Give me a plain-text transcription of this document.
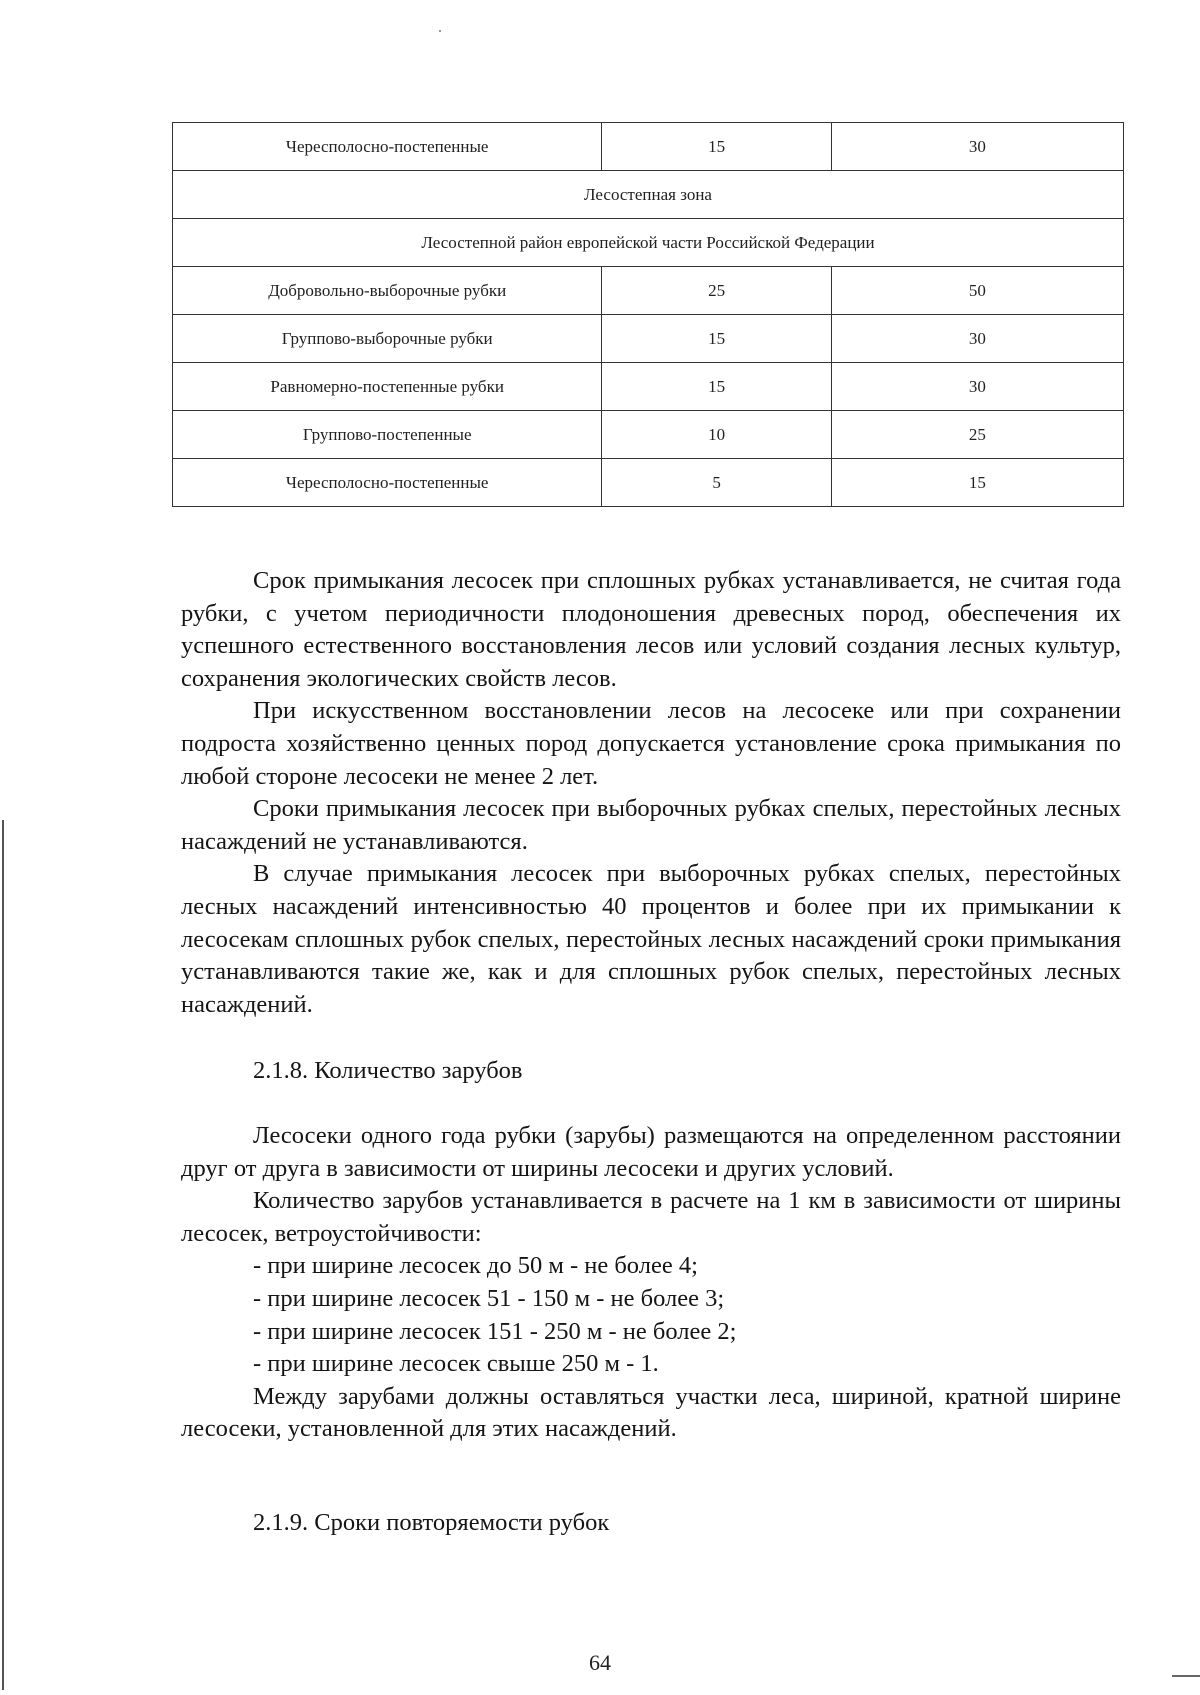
Чересполосно-постепенные	15	30
Лесостепная зона		
Лесостепной район европейской части Российской Федерации		
Добровольно-выборочные рубки	25	50
Группово-выборочные рубки	15	30
Равномерно-постепенные рубки	15	30
Группово-постепенные	10	25
Чересполосно-постепенные	5	15

Срок примыкания лесосек при сплошных рубках устанавливается, не считая года рубки, с учетом периодичности плодоношения древесных пород, обеспечения их успешного естественного восстановления лесов или условий создания лесных культур, сохранения экологических свойств лесов.

При искусственном восстановлении лесов на лесосеке или при сохранении подроста хозяйственно ценных пород допускается установление срока примыкания по любой стороне лесосеки не менее 2 лет.

Сроки примыкания лесосек при выборочных рубках спелых, перестойных лесных насаждений не устанавливаются.

В случае примыкания лесосек при выборочных рубках спелых, перестойных лесных насаждений интенсивностью 40 процентов и более при их примыкании к лесосекам сплошных рубок спелых, перестойных лесных насаждений сроки примыкания устанавливаются такие же, как и для сплошных рубок спелых, перестойных лесных насаждений.

2.1.8. Количество зарубов

Лесосеки одного года рубки (зарубы) размещаются на определенном расстоянии друг от друга в зависимости от ширины лесосеки и других условий.

Количество зарубов устанавливается в расчете на 1 км в зависимости от ширины лесосек, ветроустойчивости:

- при ширине лесосек до 50 м - не более 4;

- при ширине лесосек 51 - 150 м - не более 3;

- при ширине лесосек 151 - 250 м - не более 2;

- при ширине лесосек свыше 250 м - 1.

Между зарубами должны оставляться участки леса, шириной, кратной ширине лесосеки, установленной для этих насаждений.

2.1.9. Сроки повторяемости рубок

64
